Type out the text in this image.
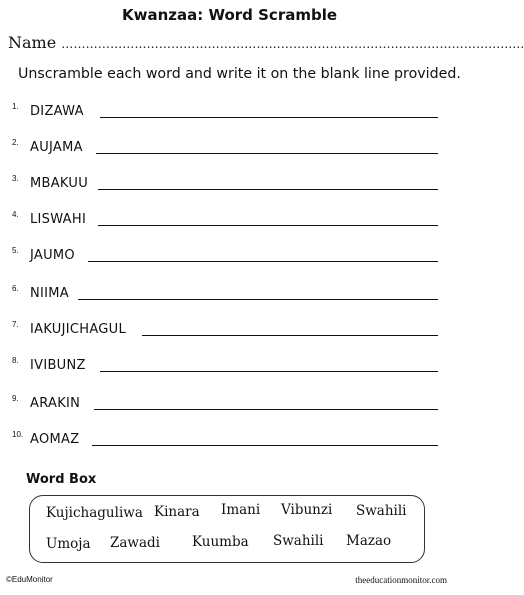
Kwanzaa: Word Scramble
Name …………………………………………………………………………………………….........
Unscramble each word and write it on the blank line provided.
1. DIZAWA
2. AUJAMA
3. MBAKUU
4. LISWAHI
5. JAUMO
6. NIIMA
7. IAKUJICHAGUL
8. IVIBUNZ
9. ARAKIN
10. AOMAZ
Word Box
Kujichaguliwa Kinara Imani Vibunzi Swahili
Umoja Zawadi Kuumba Swahili Mazao
©EduMonitor	theeducationmonitor.com
